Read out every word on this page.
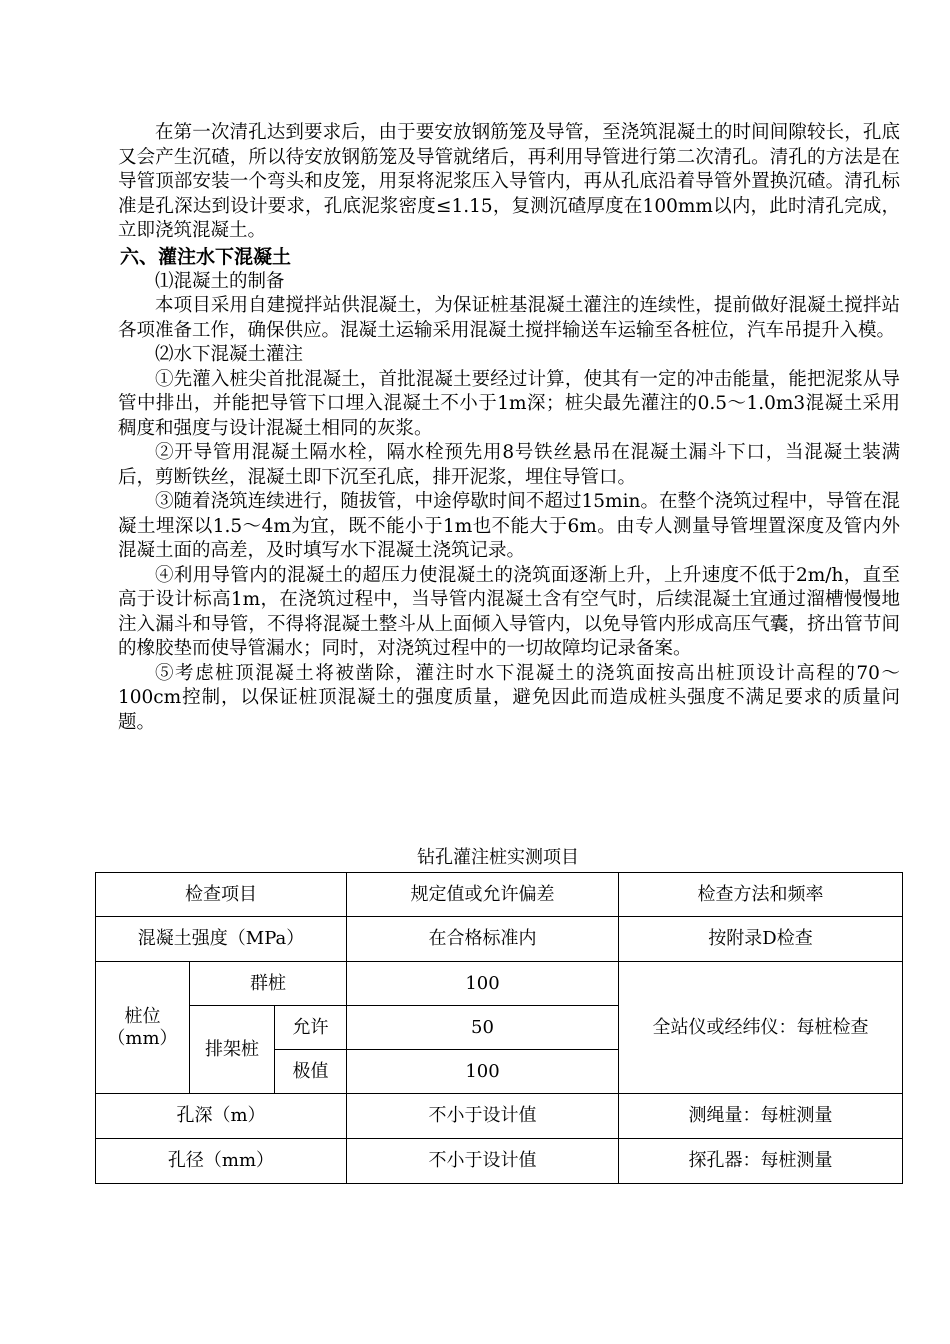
在第一次清孔达到要求后，由于要安放钢筋笼及导管，至浇筑混凝土的时间间隙较长，孔底又会产生沉碴，所以待安放钢筋笼及导管就绪后，再利用导管进行第二次清孔。清孔的方法是在导管顶部安装一个弯头和皮笼，用泵将泥浆压入导管内，再从孔底沿着导管外置换沉碴。清孔标准是孔深达到设计要求，孔底泥浆密度≤1.15，复测沉碴厚度在100mm以内，此时清孔完成，立即浇筑混凝土。

六、灌注水下混凝土

⑴混凝土的制备

本项目采用自建搅拌站供混凝土，为保证桩基混凝土灌注的连续性，提前做好混凝土搅拌站各项准备工作，确保供应。混凝土运输采用混凝土搅拌输送车运输至各桩位，汽车吊提升入模。

⑵水下混凝土灌注

①先灌入桩尖首批混凝土，首批混凝土要经过计算，使其有一定的冲击能量，能把泥浆从导管中排出，并能把导管下口埋入混凝土不小于1m深；桩尖最先灌注的0.5～1.0m3混凝土采用稠度和强度与设计混凝土相同的灰浆。

②开导管用混凝土隔水栓，隔水栓预先用8号铁丝悬吊在混凝土漏斗下口，当混凝土装满后，剪断铁丝，混凝土即下沉至孔底，排开泥浆，埋住导管口。

③随着浇筑连续进行，随拔管，中途停歇时间不超过15min。在整个浇筑过程中，导管在混凝土埋深以1.5～4m为宜，既不能小于1m也不能大于6m。由专人测量导管埋置深度及管内外混凝土面的高差，及时填写水下混凝土浇筑记录。

④利用导管内的混凝土的超压力使混凝土的浇筑面逐渐上升，上升速度不低于2m/h，直至高于设计标高1m，在浇筑过程中，当导管内混凝土含有空气时，后续混凝土宜通过溜槽慢慢地注入漏斗和导管，不得将混凝土整斗从上面倾入导管内，以免导管内形成高压气囊，挤出管节间的橡胶垫而使导管漏水；同时，对浇筑过程中的一切故障均记录备案。

⑤考虑桩顶混凝土将被凿除，灌注时水下混凝土的浇筑面按高出桩顶设计高程的70～100cm控制，以保证桩顶混凝土的强度质量，避免因此而造成桩头强度不满足要求的质量问题。

钻孔灌注桩实测项目
检查项目			规定值或允许偏差	检查方法和频率
混凝土强度（MPa）			在合格标准内	按附录D检查
桩位（mm）	群桩		100	全站仪或经纬仪：每桩检查
	排架桩	允许	50	
		极值	100	
孔深（m）			不小于设计值	测绳量：每桩测量
孔径（mm）			不小于设计值	探孔器：每桩测量
